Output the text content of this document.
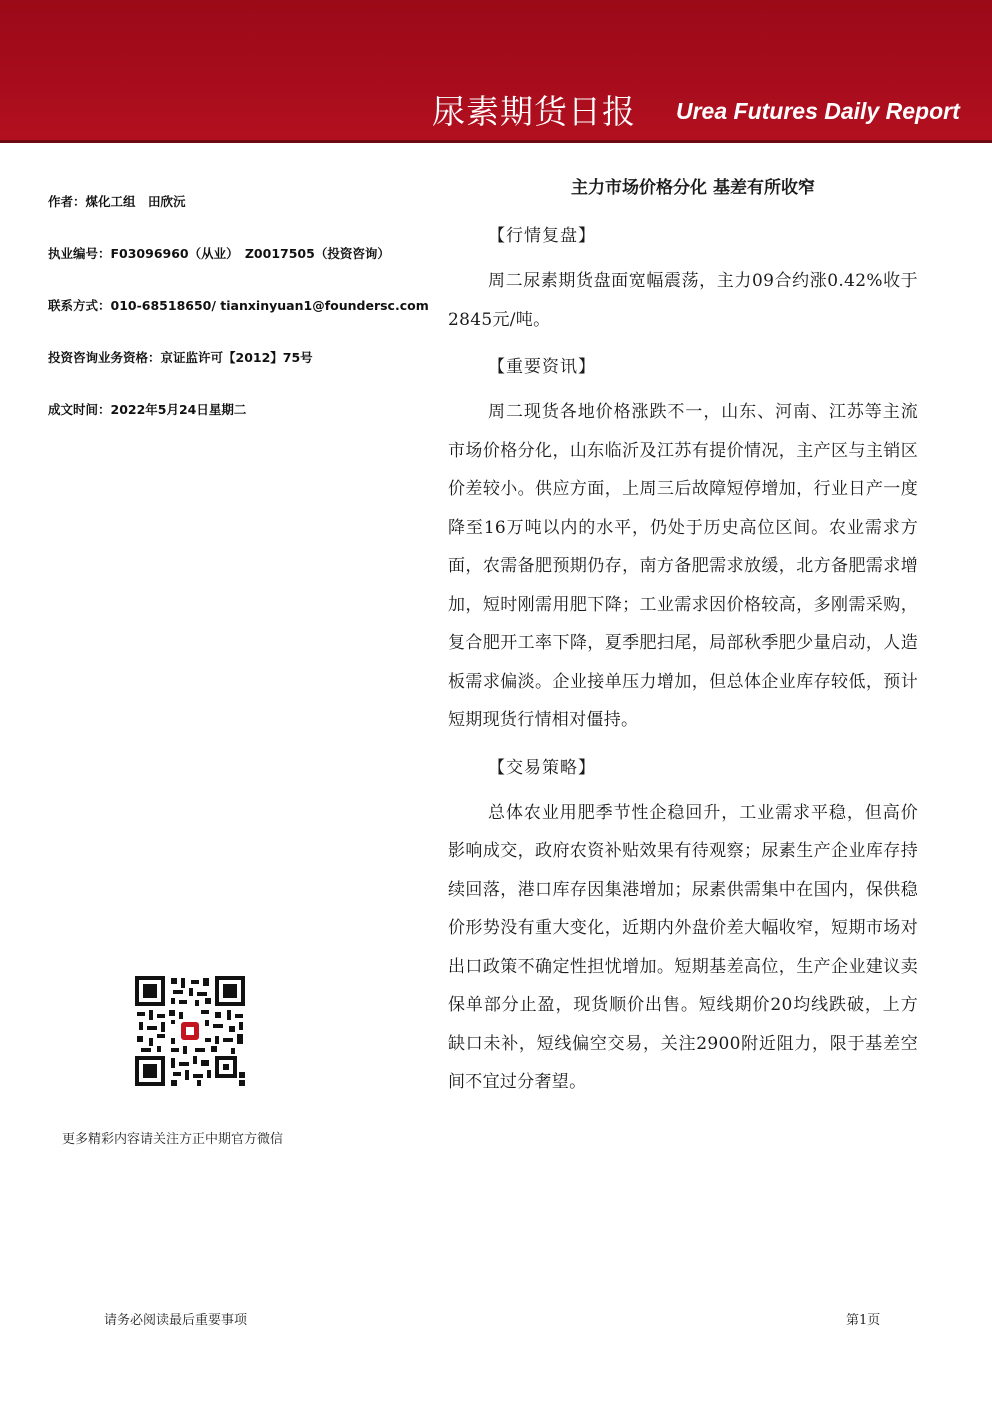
尿素期货日报 Urea Futures Daily Report
作者：煤化工组　田欣沅
执业编号：F03096960（从业）　Z0017505（投资咨询）
联系方式：010-68518650/ tianxinyuan1@foundersc.com
投资咨询业务资格：京证监许可【2012】75号
成文时间：2022年5月24日星期二
更多精彩内容请关注方正中期官方微信
主力市场价格分化 基差有所收窄
【行情复盘】
周二尿素期货盘面宽幅震荡，主力09合约涨0.42%收于2845元/吨。
【重要资讯】
周二现货各地价格涨跌不一，山东、河南、江苏等主流市场价格分化，山东临沂及江苏有提价情况，主产区与主销区价差较小。供应方面，上周三后故障短停增加，行业日产一度降至16万吨以内的水平，仍处于历史高位区间。农业需求方面，农需备肥预期仍存，南方备肥需求放缓，北方备肥需求增加，短时刚需用肥下降；工业需求因价格较高，多刚需采购，复合肥开工率下降，夏季肥扫尾，局部秋季肥少量启动，人造板需求偏淡。企业接单压力增加，但总体企业库存较低，预计短期现货行情相对僵持。
【交易策略】
总体农业用肥季节性企稳回升，工业需求平稳，但高价影响成交，政府农资补贴效果有待观察；尿素生产企业库存持续回落，港口库存因集港增加；尿素供需集中在国内，保供稳价形势没有重大变化，近期内外盘价差大幅收窄，短期市场对出口政策不确定性担忧增加。短期基差高位，生产企业建议卖保单部分止盈，现货顺价出售。短线期价20均线跌破，上方缺口未补，短线偏空交易，关注2900附近阻力，限于基差空间不宜过分奢望。
请务必阅读最后重要事项	第1页
